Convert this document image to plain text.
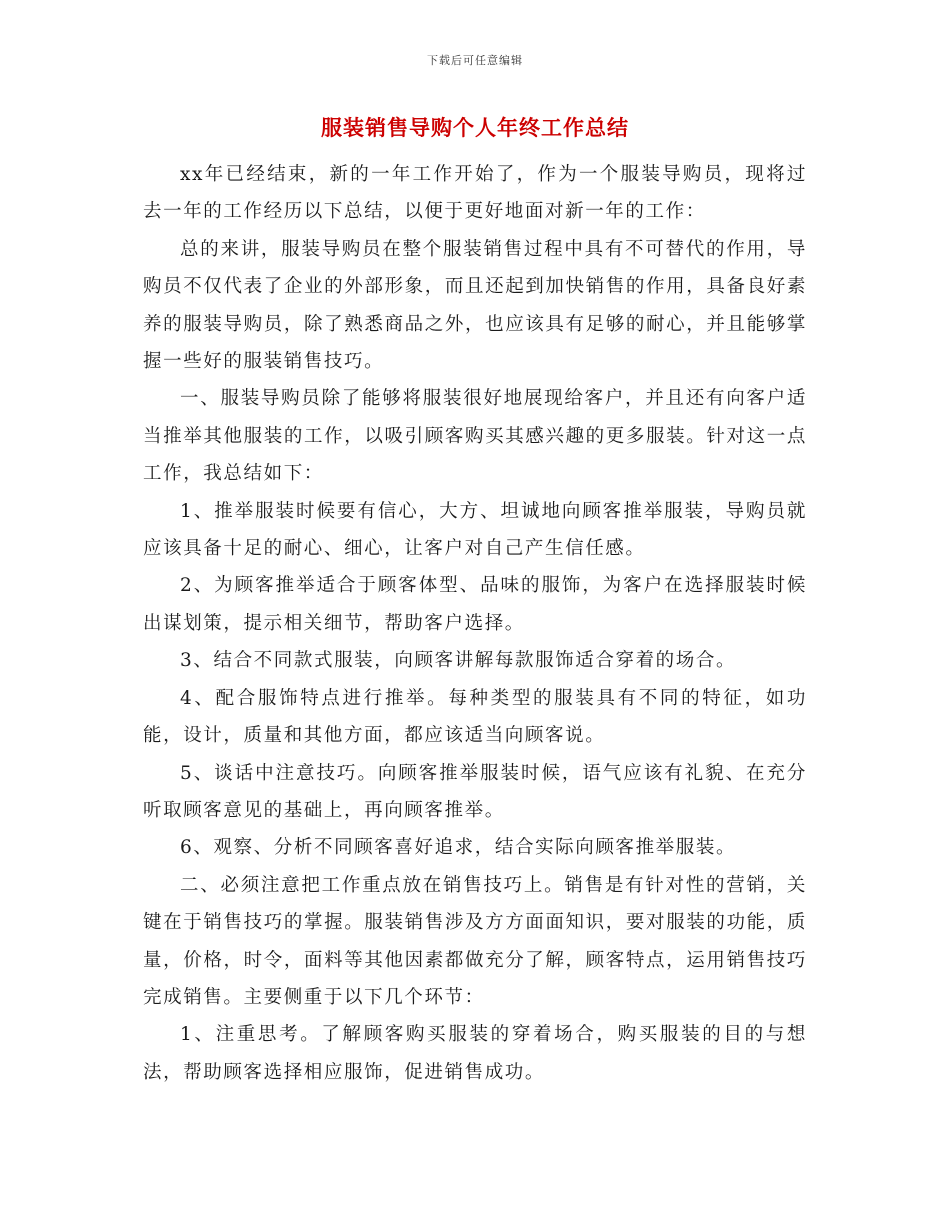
下载后可任意编辑
服装销售导购个人年终工作总结

xx年已经结束，新的一年工作开始了，作为一个服装导购员，现将过去一年的工作经历以下总结，以便于更好地面对新一年的工作：

总的来讲，服装导购员在整个服装销售过程中具有不可替代的作用，导购员不仅代表了企业的外部形象，而且还起到加快销售的作用，具备良好素养的服装导购员，除了熟悉商品之外，也应该具有足够的耐心，并且能够掌握一些好的服装销售技巧。

一、服装导购员除了能够将服装很好地展现给客户，并且还有向客户适当推举其他服装的工作，以吸引顾客购买其感兴趣的更多服装。针对这一点工作，我总结如下：

1、推举服装时候要有信心，大方、坦诚地向顾客推举服装，导购员就应该具备十足的耐心、细心，让客户对自己产生信任感。

2、为顾客推举适合于顾客体型、品味的服饰，为客户在选择服装时候出谋划策，提示相关细节，帮助客户选择。

3、结合不同款式服装，向顾客讲解每款服饰适合穿着的场合。

4、配合服饰特点进行推举。每种类型的服装具有不同的特征，如功能，设计，质量和其他方面，都应该适当向顾客说。

5、谈话中注意技巧。向顾客推举服装时候，语气应该有礼貌、在充分听取顾客意见的基础上，再向顾客推举。

6、观察、分析不同顾客喜好追求，结合实际向顾客推举服装。

二、必须注意把工作重点放在销售技巧上。销售是有针对性的营销，关键在于销售技巧的掌握。服装销售涉及方方面面知识，要对服装的功能，质量，价格，时令，面料等其他因素都做充分了解，顾客特点，运用销售技巧完成销售。主要侧重于以下几个环节：

1、注重思考。了解顾客购买服装的穿着场合，购买服装的目的与想法，帮助顾客选择相应服饰，促进销售成功。
